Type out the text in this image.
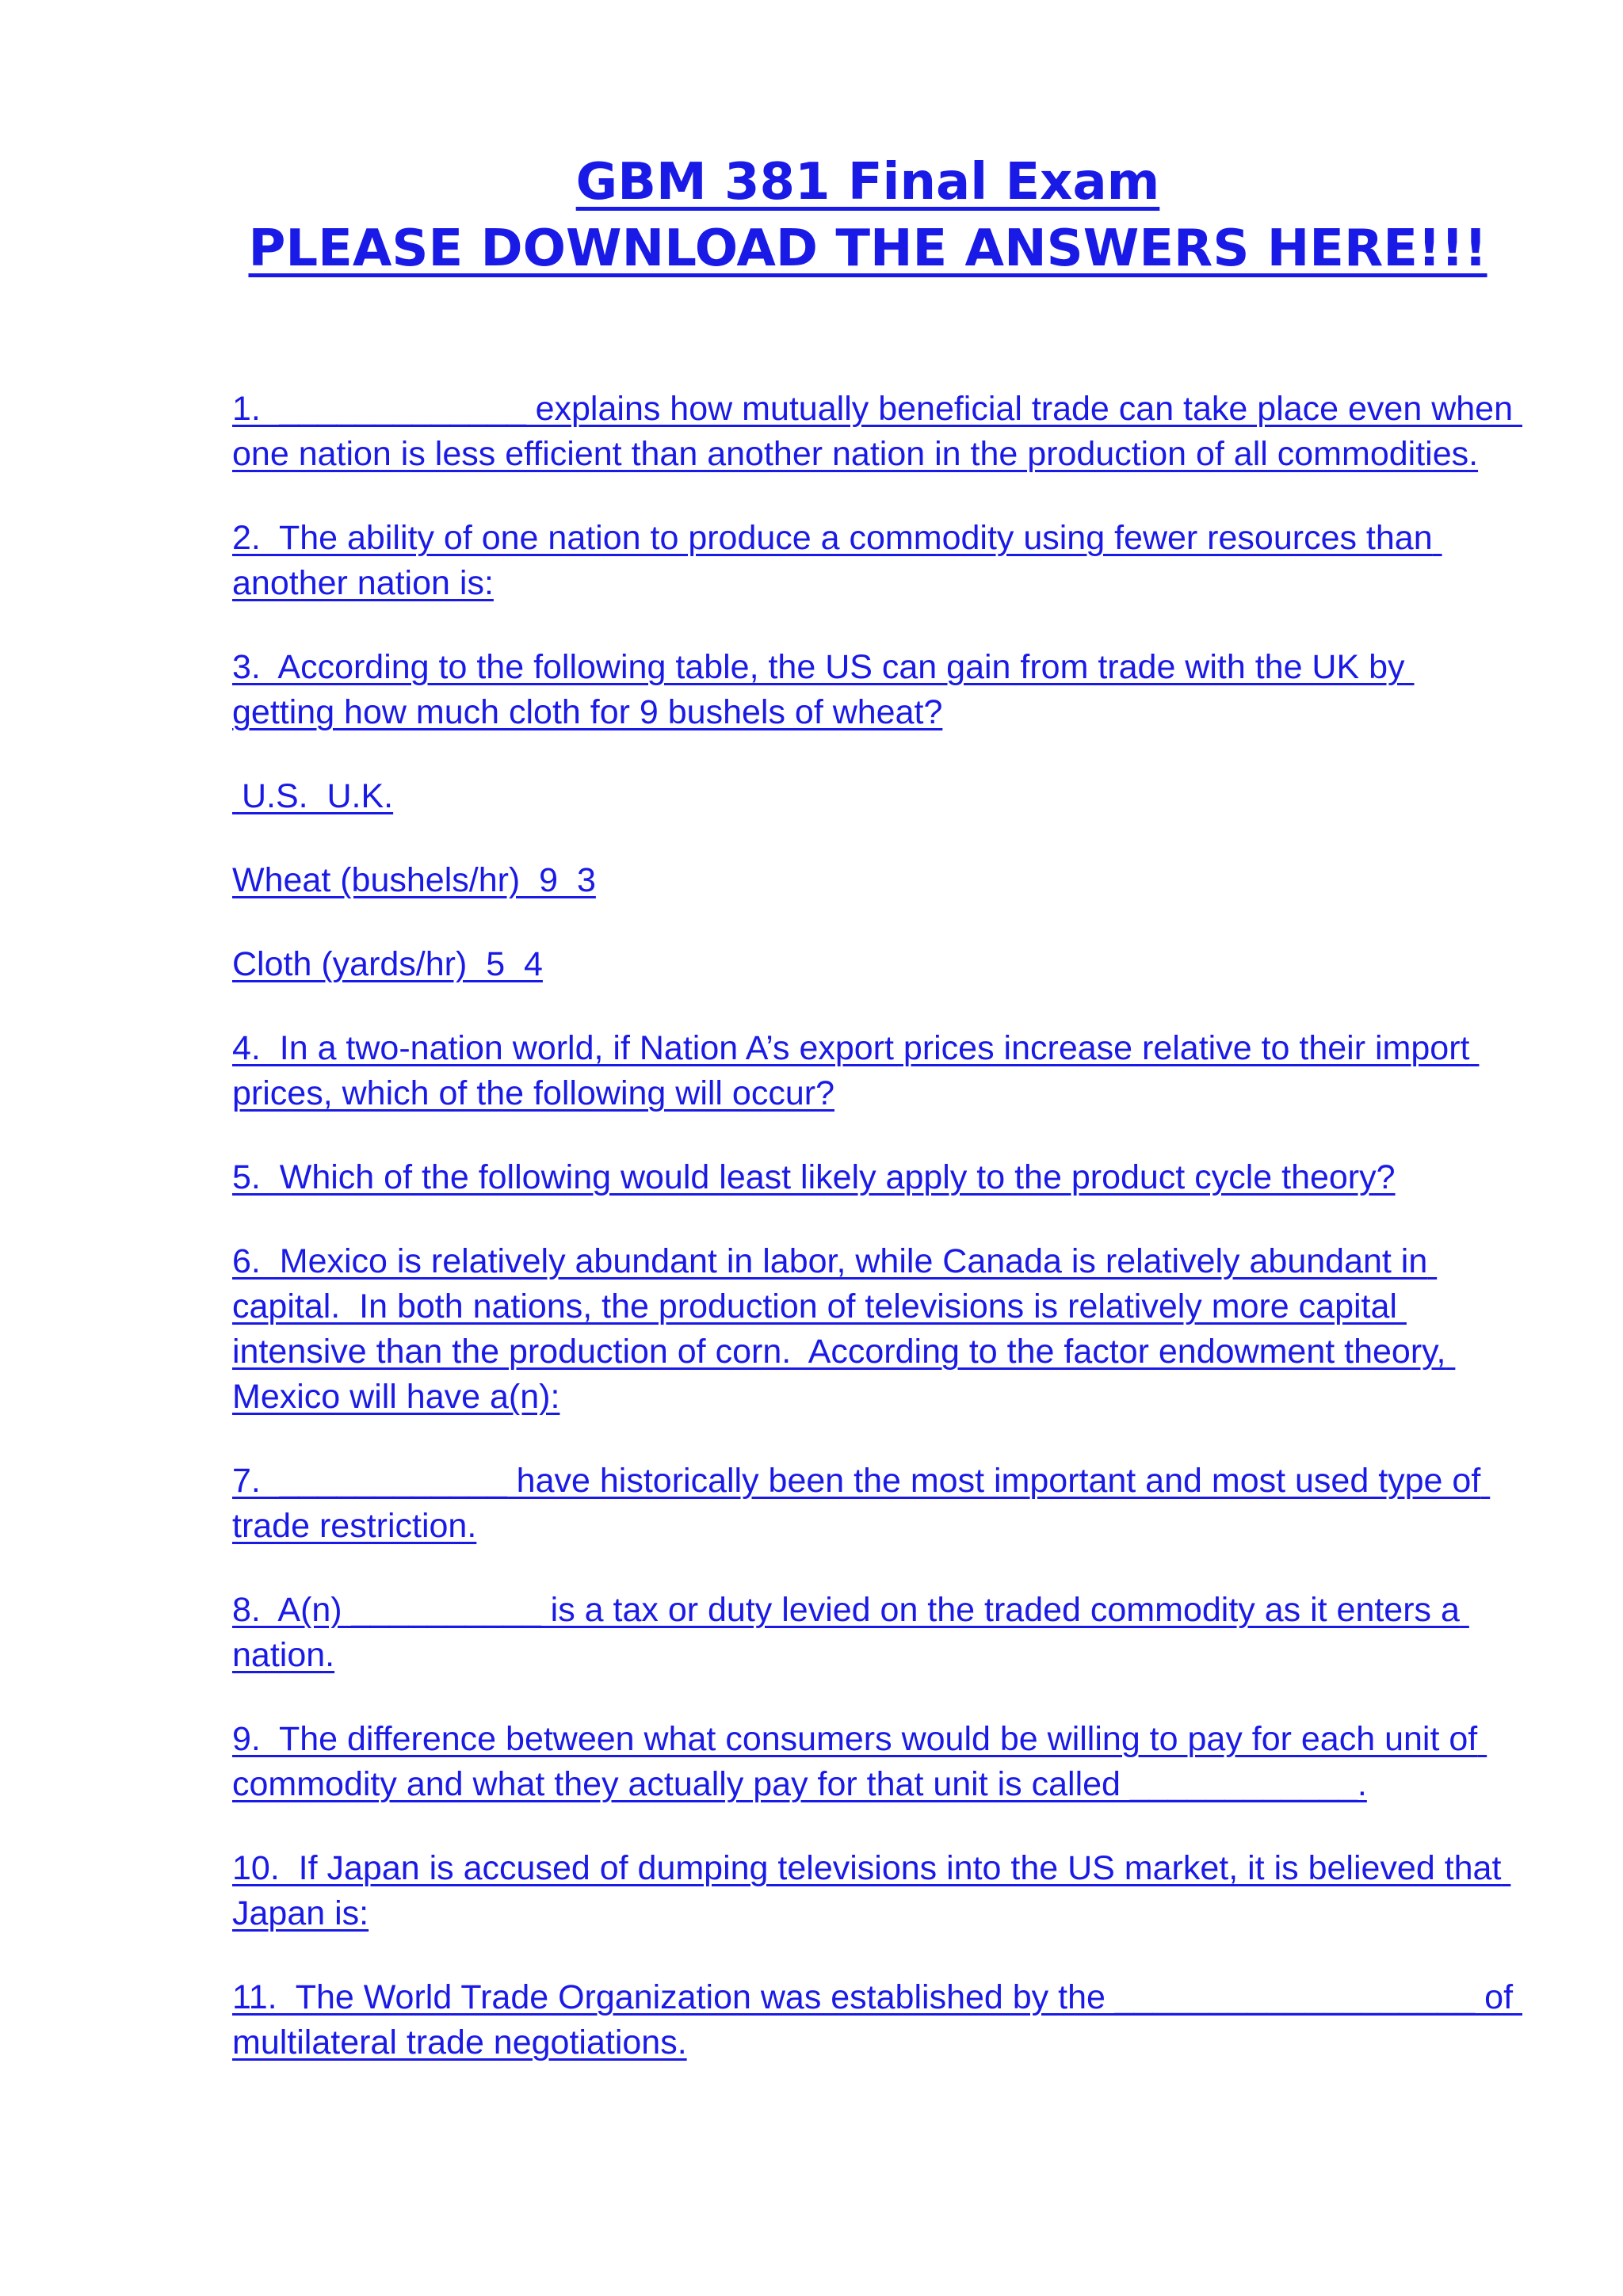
GBM 381 Final Exam
PLEASE DOWNLOAD THE ANSWERS HERE!!!

1.  _____________ explains how mutually beneficial trade can take place even when one nation is less efficient than another nation in the production of all commodities.

2.  The ability of one nation to produce a commodity using fewer resources than another nation is:

3.  According to the following table, the US can gain from trade with the UK by getting how much cloth for 9 bushels of wheat?

U.S.  U.K.

Wheat (bushels/hr)  9  3

Cloth (yards/hr)  5  4

4.  In a two-nation world, if Nation A’s export prices increase relative to their import prices, which of the following will occur?

5.  Which of the following would least likely apply to the product cycle theory?

6.  Mexico is relatively abundant in labor, while Canada is relatively abundant in capital.  In both nations, the production of televisions is relatively more capital intensive than the production of corn.  According to the factor endowment theory, Mexico will have a(n):

7.  ____________ have historically been the most important and most used type of trade restriction.

8.  A(n) __________ is a tax or duty levied on the traded commodity as it enters a nation.

9.  The difference between what consumers would be willing to pay for each unit of commodity and what they actually pay for that unit is called ____________.

10.  If Japan is accused of dumping televisions into the US market, it is believed that Japan is:

11.  The World Trade Organization was established by the ___________________ of multilateral trade negotiations.
